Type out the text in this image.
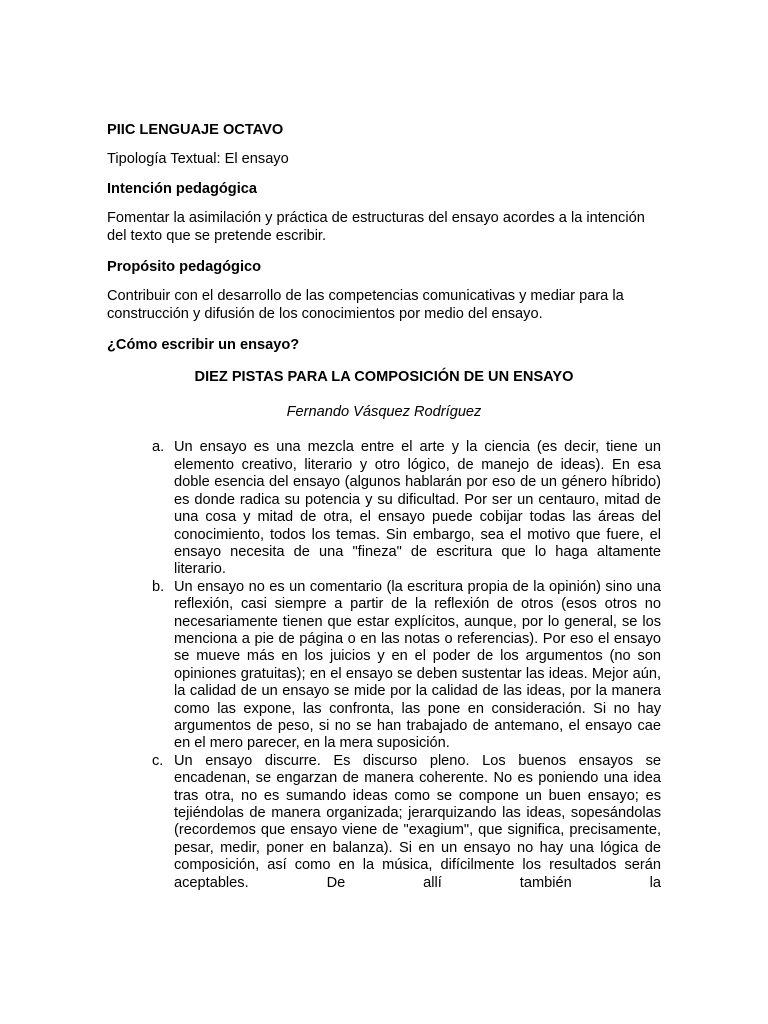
PIIC LENGUAJE OCTAVO
Tipología Textual: El ensayo
Intención pedagógica
Fomentar la asimilación y práctica de estructuras del ensayo acordes a la intención del texto que se pretende escribir.
Propósito pedagógico
Contribuir con el desarrollo de las competencias comunicativas y mediar para la construcción y difusión de los conocimientos por medio del ensayo.
¿Cómo escribir un ensayo?
DIEZ PISTAS PARA LA COMPOSICIÓN DE UN ENSAYO
Fernando Vásquez Rodríguez
a. Un ensayo es una mezcla entre el arte y la ciencia (es decir, tiene un elemento creativo, literario y otro lógico, de manejo de ideas). En esa doble esencia del ensayo (algunos hablarán por eso de un género híbrido) es donde radica su potencia y su dificultad. Por ser un centauro, mitad de una cosa y mitad de otra, el ensayo puede cobijar todas las áreas del conocimiento, todos los temas. Sin embargo, sea el motivo que fuere, el ensayo necesita de una "fineza" de escritura que lo haga altamente literario.
b. Un ensayo no es un comentario (la escritura propia de la opinión) sino una reflexión, casi siempre a partir de la reflexión de otros (esos otros no necesariamente tienen que estar explícitos, aunque, por lo general, se los menciona a pie de página o en las notas o referencias). Por eso el ensayo se mueve más en los juicios y en el poder de los argumentos (no son opiniones gratuitas); en el ensayo se deben sustentar las ideas. Mejor aún, la calidad de un ensayo se mide por la calidad de las ideas, por la manera como las expone, las confronta, las pone en consideración. Si no hay argumentos de peso, si no se han trabajado de antemano, el ensayo cae en el mero parecer, en la mera suposición.
c. Un ensayo discurre. Es discurso pleno. Los buenos ensayos se encadenan, se engarzan de manera coherente. No es poniendo una idea tras otra, no es sumando ideas como se compone un buen ensayo; es tejiéndolas de manera organizada; jerarquizando las ideas, sopesándolas (recordemos que ensayo viene de "exagium", que significa, precisamente, pesar, medir, poner en balanza). Si en un ensayo no hay una lógica de composición, así como en la música, difícilmente los resultados serán aceptables. De allí también la
